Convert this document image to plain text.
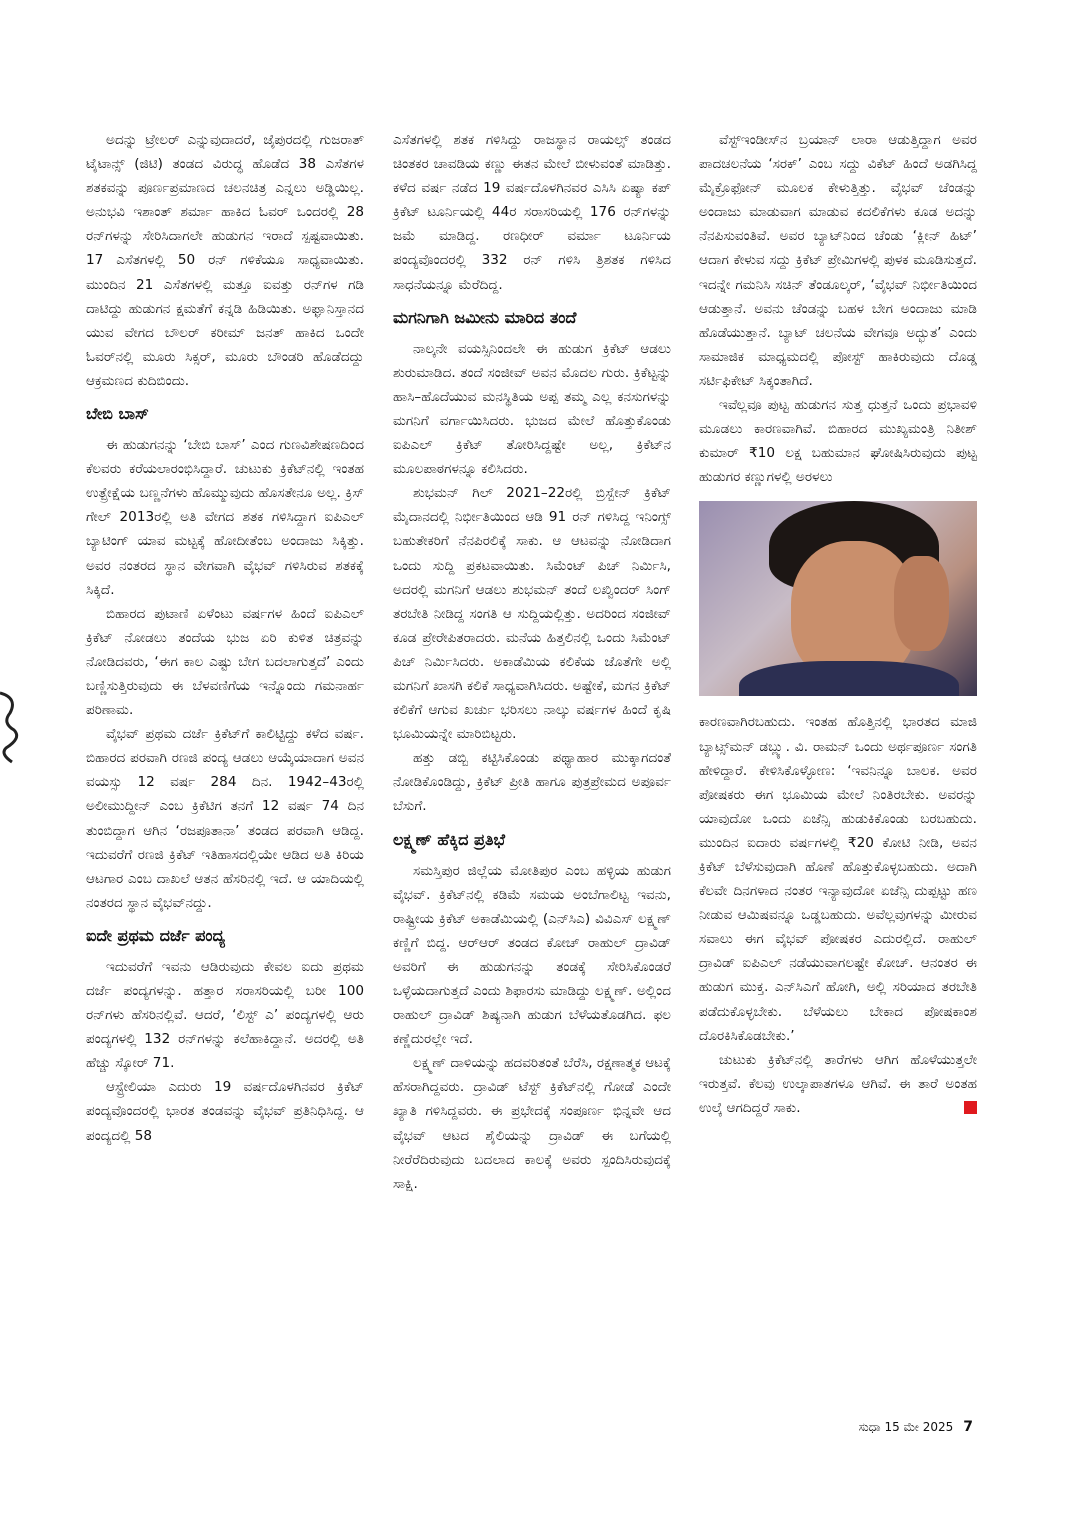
ಅದನ್ನು ಟ್ರೇಲರ್ ಎನ್ನುವುದಾದರೆ, ಜೈಪುರದಲ್ಲಿ ಗುಜರಾತ್ ಟೈಟಾನ್ಸ್ (ಜಿಟಿ) ತಂಡದ ವಿರುದ್ಧ ಹೊಡೆದ 38 ಎಸೆತಗಳ ಶತಕವನ್ನು ಪೂರ್ಣಪ್ರಮಾಣದ ಚಲನಚಿತ್ರ ಎನ್ನಲು ಅಡ್ಡಿಯಿಲ್ಲ. ಅನುಭವಿ ಇಶಾಂತ್ ಶರ್ಮಾ ಹಾಕಿದ ಓವರ್ ಒಂದರಲ್ಲಿ 28 ರನ್‌ಗಳನ್ನು ಸೇರಿಸಿದಾಗಲೇ ಹುಡುಗನ ಇರಾದೆ ಸ್ಪಷ್ಟವಾಯಿತು. 17 ಎಸೆತಗಳಲ್ಲಿ 50 ರನ್ ಗಳಿಕೆಯೂ ಸಾಧ್ಯವಾಯಿತು. ಮುಂದಿನ 21 ಎಸೆತಗಳಲ್ಲಿ ಮತ್ತೂ ಐವತ್ತು ರನ್‌ಗಳ ಗಡಿ ದಾಟಿದ್ದು ಹುಡುಗನ ಕ್ಷಮತೆಗೆ ಕನ್ನಡಿ ಹಿಡಿಯಿತು. ಅಫ್ಘಾನಿಸ್ತಾನದ ಯುವ ವೇಗದ ಬೌಲರ್ ಕರೀಮ್ ಜನತ್ ಹಾಕಿದ ಒಂದೇ ಓವರ್‌ನಲ್ಲಿ ಮೂರು ಸಿಕ್ಸರ್, ಮೂರು ಬೌಂಡರಿ ಹೊಡೆದದ್ದು ಆಕ್ರಮಣದ ಕುದಿಬಿಂದು.

ಬೇಬಿ ಬಾಸ್

ಈ ಹುಡುಗನನ್ನು ‘ಬೇಬಿ ಬಾಸ್’ ಎಂದ ಗುಣವಿಶೇಷಣದಿಂದ ಕೆಲವರು ಕರೆಯಲಾರಂಭಿಸಿದ್ದಾರೆ. ಚುಟುಕು ಕ್ರಿಕೆಟ್‌ನಲ್ಲಿ ಇಂತಹ ಉತ್ಪ್ರೇಕ್ಷೆಯ ಬಣ್ಣನೆಗಳು ಹೊಮ್ಮುವುದು ಹೊಸತೇನೂ ಅಲ್ಲ. ಕ್ರಿಸ್ ಗೇಲ್ 2013ರಲ್ಲಿ ಅತಿ ವೇಗದ ಶತಕ ಗಳಿಸಿದ್ದಾಗ ಐಪಿಎಲ್ ಬ್ಯಾಟಿಂಗ್ ಯಾವ ಮಟ್ಟಕ್ಕೆ ಹೋದೀತೆಂಬ ಅಂದಾಜು ಸಿಕ್ಕಿತ್ತು. ಅವರ ನಂತರದ ಸ್ಥಾನ ವೇಗವಾಗಿ ವೈಭವ್ ಗಳಿಸಿರುವ ಶತಕಕ್ಕೆ ಸಿಕ್ಕಿದೆ.

ಬಿಹಾರದ ಪುಟಾಣಿ ಏಳೆಂಟು ವರ್ಷಗಳ ಹಿಂದೆ ಐಪಿಎಲ್ ಕ್ರಿಕೆಟ್ ನೋಡಲು ತಂದೆಯ ಭುಜ ಏರಿ ಕುಳಿತ ಚಿತ್ರವನ್ನು ನೋಡಿದವರು, ‘ಈಗ ಕಾಲ ಎಷ್ಟು ಬೇಗ ಬದಲಾಗುತ್ತದೆ’ ಎಂದು ಬಣ್ಣಿಸುತ್ತಿರುವುದು ಈ ಬೆಳವಣಿಗೆಯ ಇನ್ನೊಂದು ಗಮನಾರ್ಹ ಪರಿಣಾಮ.

ವೈಭವ್ ಪ್ರಥಮ ದರ್ಜೆ ಕ್ರಿಕೆಟ್‌ಗೆ ಕಾಲಿಟ್ಟಿದ್ದು ಕಳೆದ ವರ್ಷ. ಬಿಹಾರದ ಪರವಾಗಿ ರಣಜಿ ಪಂದ್ಯ ಆಡಲು ಆಯ್ಕೆಯಾದಾಗ ಅವನ ವಯಸ್ಸು 12 ವರ್ಷ 284 ದಿನ. 1942–43ರಲ್ಲಿ ಅಲೀಮುದ್ದೀನ್ ಎಂಬ ಕ್ರಿಕೆಟಿಗ ತನಗೆ 12 ವರ್ಷ 74 ದಿನ ತುಂಬಿದ್ದಾಗ ಆಗಿನ ‘ರಜಪೂತಾನಾ’ ತಂಡದ ಪರವಾಗಿ ಆಡಿದ್ದ. ಇದುವರೆಗೆ ರಣಜಿ ಕ್ರಿಕೆಟ್ ಇತಿಹಾಸದಲ್ಲಿಯೇ ಆಡಿದ ಅತಿ ಕಿರಿಯ ಆಟಗಾರ ಎಂಬ ದಾಖಲೆ ಆತನ ಹೆಸರಿನಲ್ಲಿ ಇದೆ. ಆ ಯಾದಿಯಲ್ಲಿ ನಂತರದ ಸ್ಥಾನ ವೈಭವ್‌ನದ್ದು.

ಐದೇ ಪ್ರಥಮ ದರ್ಜೆ ಪಂದ್ಯ

ಇದುವರೆಗೆ ಇವನು ಆಡಿರುವುದು ಕೇವಲ ಐದು ಪ್ರಥಮ ದರ್ಜೆ ಪಂದ್ಯಗಳನ್ನು. ಹತ್ತಾರ ಸರಾಸರಿಯಲ್ಲಿ ಬರೀ 100 ರನ್‌ಗಳು ಹೆಸರಿನಲ್ಲಿವೆ. ಆದರೆ, ‘ಲಿಸ್ಟ್ ಎ’ ಪಂದ್ಯಗಳಲ್ಲಿ ಆರು ಪಂದ್ಯಗಳಲ್ಲಿ 132 ರನ್‌ಗಳನ್ನು ಕಲೆಹಾಕಿದ್ದಾನೆ. ಅದರಲ್ಲಿ ಅತಿ ಹೆಚ್ಚು ಸ್ಕೋರ್ 71.

ಆಸ್ಟ್ರೇಲಿಯಾ ಎದುರು 19 ವರ್ಷದೊಳಗಿನವರ ಕ್ರಿಕೆಟ್ ಪಂದ್ಯವೊಂದರಲ್ಲಿ ಭಾರತ ತಂಡವನ್ನು ವೈಭವ್ ಪ್ರತಿನಿಧಿಸಿದ್ದ. ಆ ಪಂದ್ಯದಲ್ಲಿ 58

ಎಸೆತಗಳಲ್ಲಿ ಶತಕ ಗಳಿಸಿದ್ದು ರಾಜಸ್ಥಾನ ರಾಯಲ್ಸ್ ತಂಡದ ಚಿಂತಕರ ಚಾವಡಿಯ ಕಣ್ಣು ಈತನ ಮೇಲೆ ಬೀಳುವಂತೆ ಮಾಡಿತ್ತು. ಕಳೆದ ವರ್ಷ ನಡೆದ 19 ವರ್ಷದೊಳಗಿನವರ ಎಸಿಸಿ ಏಷ್ಯಾ ಕಪ್ ಕ್ರಿಕೆಟ್ ಟೂರ್ನಿಯಲ್ಲಿ 44ರ ಸರಾಸರಿಯಲ್ಲಿ 176 ರನ್‌ಗಳನ್ನು ಜಮೆ ಮಾಡಿದ್ದ. ರಣಧೀರ್ ವರ್ಮಾ ಟೂರ್ನಿಯ ಪಂದ್ಯವೊಂದರಲ್ಲಿ 332 ರನ್ ಗಳಿಸಿ ತ್ರಿಶತಕ ಗಳಿಸಿದ ಸಾಧನೆಯನ್ನೂ ಮೆರೆದಿದ್ದ.

ಮಗನಿಗಾಗಿ ಜಮೀನು ಮಾರಿದ ತಂದೆ

ನಾಲ್ಕನೇ ವಯಸ್ಸಿನಿಂದಲೇ ಈ ಹುಡುಗ ಕ್ರಿಕೆಟ್ ಆಡಲು ಶುರುಮಾಡಿದ. ತಂದೆ ಸಂಜೀವ್ ಅವನ ಮೊದಲ ಗುರು. ಕ್ರಿಕೆಟ್ಟನ್ನು ಹಾಸಿ–ಹೊದೆಯುವ ಮನಸ್ಥಿತಿಯ ಅಪ್ಪ ತಮ್ಮ ಎಲ್ಲ ಕನಸುಗಳನ್ನು ಮಗನಿಗೆ ವರ್ಗಾಯಿಸಿದರು. ಭುಜದ ಮೇಲೆ ಹೊತ್ತುಕೊಂಡು ಐಪಿಎಲ್ ಕ್ರಿಕೆಟ್ ತೋರಿಸಿದ್ದಷ್ಟೇ ಅಲ್ಲ, ಕ್ರಿಕೆಟ್‌ನ ಮೂಲಪಾಠಗಳನ್ನೂ ಕಲಿಸಿದರು.

ಶುಭಮನ್ ಗಿಲ್ 2021–22ರಲ್ಲಿ ಬ್ರಿಸ್ಬೇನ್ ಕ್ರಿಕೆಟ್ ಮೈದಾನದಲ್ಲಿ ನಿರ್ಭೀತಿಯಿಂದ ಆಡಿ 91 ರನ್ ಗಳಿಸಿದ್ದ ಇನಿಂಗ್ಸ್ ಬಹುತೇಕರಿಗೆ ನೆನಪಿರಲಿಕ್ಕೆ ಸಾಕು. ಆ ಆಟವನ್ನು ನೋಡಿದಾಗ ಒಂದು ಸುದ್ದಿ ಪ್ರಕಟವಾಯಿತು. ಸಿಮೆಂಟ್ ಪಿಚ್ ನಿರ್ಮಿಸಿ, ಅದರಲ್ಲಿ ಮಗನಿಗೆ ಆಡಲು ಶುಭಮನ್ ತಂದೆ ಲಖ್ವಿಂದರ್ ಸಿಂಗ್ ತರಬೇತಿ ನೀಡಿದ್ದ ಸಂಗತಿ ಆ ಸುದ್ದಿಯಲ್ಲಿತ್ತು. ಅದರಿಂದ ಸಂಜೀವ್ ಕೂಡ ಪ್ರೇರೇಪಿತರಾದರು. ಮನೆಯ ಹಿತ್ತಲಿನಲ್ಲಿ ಒಂದು ಸಿಮೆಂಟ್ ಪಿಚ್ ನಿರ್ಮಿಸಿದರು. ಅಕಾಡೆಮಿಯ ಕಲಿಕೆಯ ಜೊತೆಗೇ ಅಲ್ಲಿ ಮಗನಿಗೆ ಖಾಸಗಿ ಕಲಿಕೆ ಸಾಧ್ಯವಾಗಿಸಿದರು. ಅಷ್ಟೇಕೆ, ಮಗನ ಕ್ರಿಕೆಟ್ ಕಲಿಕೆಗೆ ಆಗುವ ಖರ್ಚು ಭರಿಸಲು ನಾಲ್ಕು ವರ್ಷಗಳ ಹಿಂದೆ ಕೃಷಿ ಭೂಮಿಯನ್ನೇ ಮಾರಿಬಿಟ್ಟರು.

ಹತ್ತು ಡಬ್ಬಿ ಕಟ್ಟಿಸಿಕೊಂಡು ಪಥ್ಯಾಹಾರ ಮುಕ್ಕಾಗದಂತೆ ನೋಡಿಕೊಂಡಿದ್ದು, ಕ್ರಿಕೆಟ್ ಪ್ರೀತಿ ಹಾಗೂ ಪುತ್ರಪ್ರೇಮದ ಅಪೂರ್ವ ಬೆಸುಗೆ.

ಲಕ್ಷ್ಮಣ್ ಹೆಕ್ಕಿದ ಪ್ರತಿಭೆ

ಸಮಸ್ತಿಪುರ ಜಿಲ್ಲೆಯ ಮೋತಿಪುರ ಎಂಬ ಹಳ್ಳಿಯ ಹುಡುಗ ವೈಭವ್. ಕ್ರಿಕೆಟ್‌ನಲ್ಲಿ ಕಡಿಮೆ ಸಮಯ ಅಂಬೆಗಾಲಿಟ್ಟ ಇವನು, ರಾಷ್ಟ್ರೀಯ ಕ್ರಿಕೆಟ್ ಅಕಾಡೆಮಿಯಲ್ಲಿ (ಎನ್‌ಸಿಎ) ವಿವಿಎಸ್ ಲಕ್ಷ್ಮಣ್ ಕಣ್ಣಿಗೆ ಬಿದ್ದ. ಆರ್‌ಆರ್ ತಂಡದ ಕೋಚ್ ರಾಹುಲ್ ದ್ರಾವಿಡ್ ಅವರಿಗೆ ಈ ಹುಡುಗನನ್ನು ತಂಡಕ್ಕೆ ಸೇರಿಸಿಕೊಂಡರೆ ಒಳ್ಳೆಯದಾಗುತ್ತದೆ ಎಂದು ಶಿಫಾರಸು ಮಾಡಿದ್ದು ಲಕ್ಷ್ಮಣ್. ಅಲ್ಲಿಂದ ರಾಹುಲ್ ದ್ರಾವಿಡ್ ಶಿಷ್ಯನಾಗಿ ಹುಡುಗ ಬೆಳೆಯತೊಡಗಿದ. ಫಲ ಕಣ್ಣೆದುರಲ್ಲೇ ಇದೆ.

ಲಕ್ಷ್ಮಣ್ ದಾಳಿಯನ್ನು ಹದವರಿತಂತೆ ಬೆರೆಸಿ, ರಕ್ಷಣಾತ್ಮಕ ಆಟಕ್ಕೆ ಹೆಸರಾಗಿದ್ದವರು. ದ್ರಾವಿಡ್ ಟೆಸ್ಟ್ ಕ್ರಿಕೆಟ್‌ನಲ್ಲಿ ಗೋಡೆ ಎಂದೇ ಖ್ಯಾತಿ ಗಳಿಸಿದ್ದವರು. ಈ ಪ್ರಭೇದಕ್ಕೆ ಸಂಪೂರ್ಣ ಭಿನ್ನವೇ ಆದ ವೈಭವ್ ಆಟದ ಶೈಲಿಯನ್ನು ದ್ರಾವಿಡ್ ಈ ಬಗೆಯಲ್ಲಿ ನೀರೆರೆದಿರುವುದು ಬದಲಾದ ಕಾಲಕ್ಕೆ ಅವರು ಸ್ಪಂದಿಸಿರುವುದಕ್ಕೆ ಸಾಕ್ಷಿ.

ವೆಸ್ಟ್‌ಇಂಡೀಸ್‌ನ ಬ್ರಯಾನ್ ಲಾರಾ ಆಡುತ್ತಿದ್ದಾಗ ಅವರ ಪಾದಚಲನೆಯ ‘ಸರಕ್’ ಎಂಬ ಸದ್ದು ವಿಕೆಟ್ ಹಿಂದೆ ಅಡಗಿಸಿದ್ದ ಮೈಕ್ರೊಫೋನ್ ಮೂಲಕ ಕೇಳುತ್ತಿತ್ತು. ವೈಭವ್ ಚೆಂಡನ್ನು ಅಂದಾಜು ಮಾಡುವಾಗ ಮಾಡುವ ಕದಲಿಕೆಗಳು ಕೂಡ ಅದನ್ನು ನೆನಪಿಸುವಂತಿವೆ. ಅವರ ಬ್ಯಾಟ್‌ನಿಂದ ಚೆಂಡು ‘ಕ್ಲೀನ್ ಹಿಟ್’ ಆದಾಗ ಕೇಳುವ ಸದ್ದು ಕ್ರಿಕೆಟ್ ಪ್ರೇಮಿಗಳಲ್ಲಿ ಪುಳಕ ಮೂಡಿಸುತ್ತದೆ. ಇದನ್ನೇ ಗಮನಿಸಿ ಸಚಿನ್ ತೆಂಡೂಲ್ಕರ್, ‘ವೈಭವ್ ನಿರ್ಭೀತಿಯಿಂದ ಆಡುತ್ತಾನೆ. ಅವನು ಚೆಂಡನ್ನು ಬಹಳ ಬೇಗ ಅಂದಾಜು ಮಾಡಿ ಹೊಡೆಯುತ್ತಾನೆ. ಬ್ಯಾಟ್ ಚಲನೆಯ ವೇಗವೂ ಅದ್ಭುತ’ ಎಂದು ಸಾಮಾಜಿಕ ಮಾಧ್ಯಮದಲ್ಲಿ ಪೋಸ್ಟ್ ಹಾಕಿರುವುದು ದೊಡ್ಡ ಸರ್ಟಿಫಿಕೇಟ್ ಸಿಕ್ಕಂತಾಗಿದೆ.

ಇವೆಲ್ಲವೂ ಪುಟ್ಟ ಹುಡುಗನ ಸುತ್ತ ಧುತ್ತನೆ ಒಂದು ಪ್ರಭಾವಳಿ ಮೂಡಲು ಕಾರಣವಾಗಿವೆ. ಬಿಹಾರದ ಮುಖ್ಯಮಂತ್ರಿ ನಿತೀಶ್ ಕುಮಾರ್ ₹10 ಲಕ್ಷ ಬಹುಮಾನ ಘೋಷಿಸಿರುವುದು ಪುಟ್ಟ ಹುಡುಗರ ಕಣ್ಣುಗಳಲ್ಲಿ ಅರಳಲು

ಕಾರಣವಾಗಿರಬಹುದು. ಇಂತಹ ಹೊತ್ತಿನಲ್ಲಿ ಭಾರತದ ಮಾಜಿ ಬ್ಯಾಟ್ಸ್‌ಮನ್ ಡಬ್ಲ್ಯು. ವಿ. ರಾಮನ್ ಒಂದು ಅರ್ಥಪೂರ್ಣ ಸಂಗತಿ ಹೇಳಿದ್ದಾರೆ. ಕೇಳಿಸಿಕೊಳ್ಳೋಣ: ‘ಇವನಿನ್ನೂ ಬಾಲಕ. ಅವರ ಪೋಷಕರು ಈಗ ಭೂಮಿಯ ಮೇಲೆ ನಿಂತಿರಬೇಕು. ಅವರನ್ನು ಯಾವುದೋ ಒಂದು ಏಜೆನ್ಸಿ ಹುಡುಕಿಕೊಂಡು ಬರಬಹುದು. ಮುಂದಿನ ಐದಾರು ವರ್ಷಗಳಲ್ಲಿ ₹20 ಕೋಟಿ ನೀಡಿ, ಅವನ ಕ್ರಿಕೆಟ್ ಬೆಳೆಸುವುದಾಗಿ ಹೊಣೆ ಹೊತ್ತುಕೊಳ್ಳಬಹುದು. ಅದಾಗಿ ಕೆಲವೇ ದಿನಗಳಾದ ನಂತರ ಇನ್ಯಾವುದೋ ಏಜೆನ್ಸಿ ದುಪ್ಪಟ್ಟು ಹಣ ನೀಡುವ ಆಮಿಷವನ್ನೂ ಒಡ್ಡಬಹುದು. ಅವೆಲ್ಲವುಗಳನ್ನು ಮೀರುವ ಸವಾಲು ಈಗ ವೈಭವ್ ಪೋಷಕರ ಎದುರಲ್ಲಿದೆ. ರಾಹುಲ್ ದ್ರಾವಿಡ್ ಐಪಿಎಲ್ ನಡೆಯುವಾಗಲಷ್ಟೇ ಕೋಚ್. ಆನಂತರ ಈ ಹುಡುಗ ಮುಕ್ತ. ಎನ್‌ಸಿಎಗೆ ಹೋಗಿ, ಅಲ್ಲಿ ಸರಿಯಾದ ತರಬೇತಿ ಪಡೆದುಕೊಳ್ಳಬೇಕು. ಬೆಳೆಯಲು ಬೇಕಾದ ಪೋಷಕಾಂಶ ದೊರಕಿಸಿಕೊಡಬೇಕು.’

ಚುಟುಕು ಕ್ರಿಕೆಟ್‌ನಲ್ಲಿ ತಾರೆಗಳು ಆಗಿಗ ಹೊಳೆಯುತ್ತಲೇ ಇರುತ್ತವೆ. ಕೆಲವು ಉಲ್ಕಾಪಾತಗಳೂ ಆಗಿವೆ. ಈ ತಾರೆ ಅಂತಹ ಉಲ್ಕೆ ಆಗದಿದ್ದರೆ ಸಾಕು.

ಸುಧಾ 15 ಮೇ 2025 7
